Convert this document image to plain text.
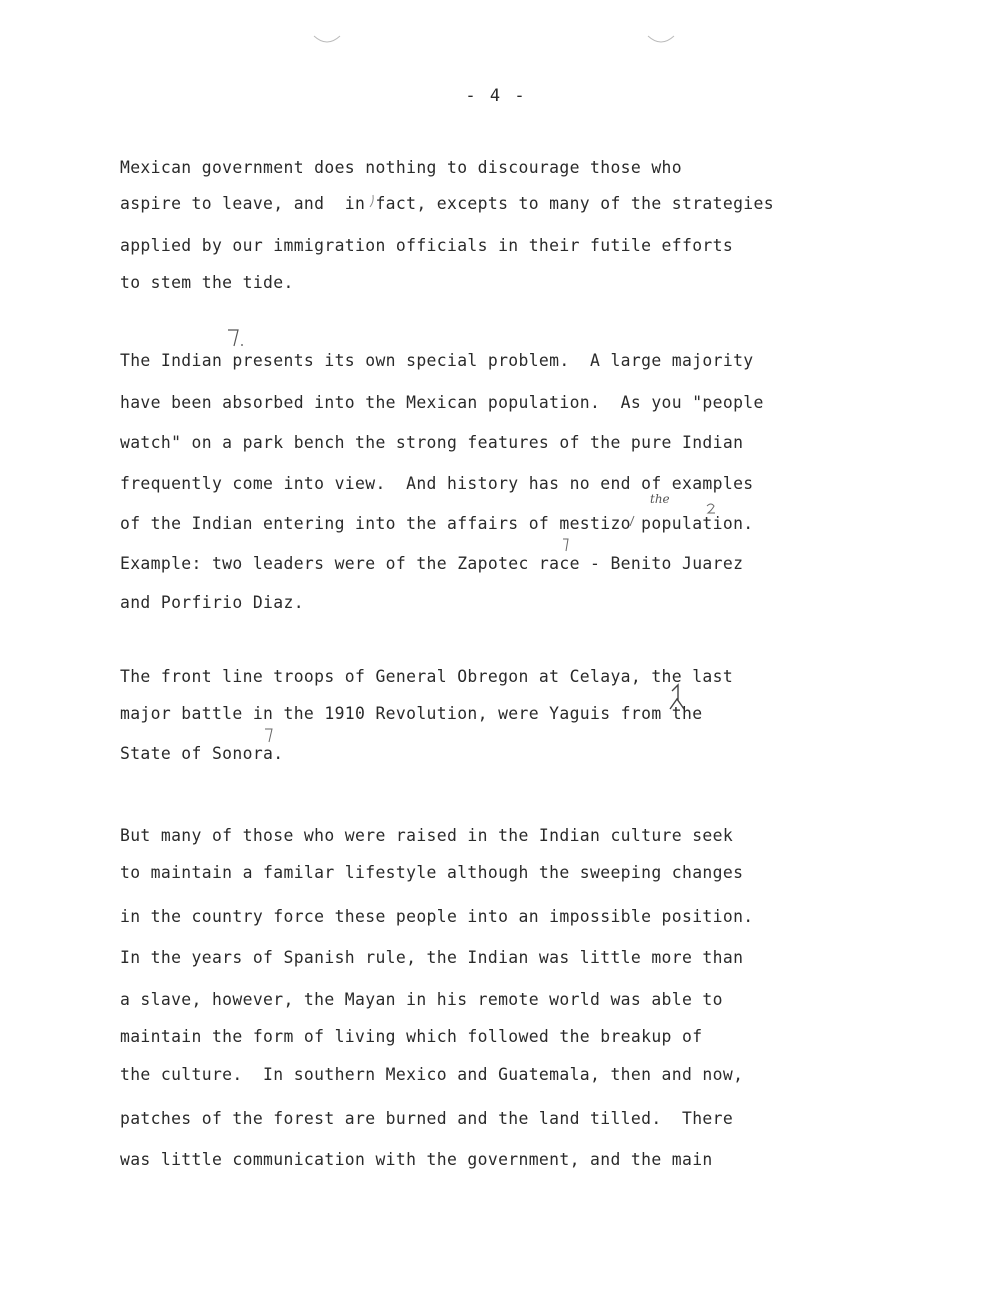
- 4 -
Mexican government does nothing to discourage those who
aspire to leave, and  in fact, excepts to many of the strategies
applied by our immigration officials in their futile efforts
to stem the tide.
The Indian presents its own special problem.  A large majority
have been absorbed into the Mexican population.  As you "people
watch" on a park bench the strong features of the pure Indian
frequently come into view.  And history has no end of examples
of the Indian entering into the affairs of mestizo population.
Example: two leaders were of the Zapotec race - Benito Juarez
and Porfirio Diaz.
The front line troops of General Obregon at Celaya, the last
major battle in the 1910 Revolution, were Yaguis from the
State of Sonora.
But many of those who were raised in the Indian culture seek
to maintain a familar lifestyle although the sweeping changes
in the country force these people into an impossible position.
In the years of Spanish rule, the Indian was little more than
a slave, however, the Mayan in his remote world was able to
maintain the form of living which followed the breakup of
the culture.  In southern Mexico and Guatemala, then and now,
patches of the forest are burned and the land tilled.  There
was little communication with the government, and the main
the
